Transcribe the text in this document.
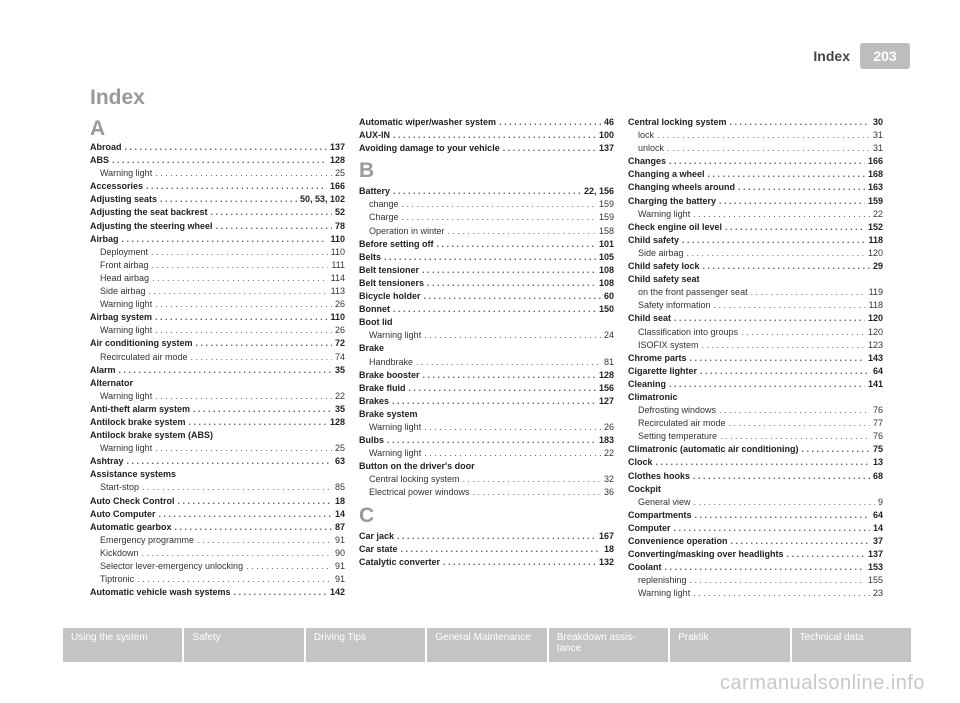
Index	203
Index
A
Abroad . . .	137
ABS . . .	128
Warning light . . .	25
Accessories . . .	166
Adjusting seats . . .	50, 53, 102
Adjusting the seat backrest . . .	52
Adjusting the steering wheel . . .	78
Airbag . . .	110
Deployment . . .	110
Front airbag . . .	111
Head airbag . . .	114
Side airbag . . .	113
Warning light . . .	26
Airbag system . . .	110
Warning light . . .	26
Air conditioning system . . .	72
Recirculated air mode . . .	74
Alarm . . .	35
Alternator
Warning light . . .	22
Anti-theft alarm system . . .	35
Antilock brake system . . .	128
Antilock brake system (ABS)
Warning light . . .	25
Ashtray . . .	63
Assistance systems
Start-stop . . .	85
Auto Check Control . . .	18
Auto Computer . . .	14
Automatic gearbox . . .	87
Emergency programme . . .	91
Kickdown . . .	90
Selector lever-emergency unlocking . . .	91
Tiptronic . . .	91
Automatic vehicle wash systems . . .	142
Automatic wiper/washer system . . .	46
AUX-IN . . .	100
Avoiding damage to your vehicle . . .	137
B
Battery . . .	22, 156
change . . .	159
Charge . . .	159
Operation in winter . . .	158
Before setting off . . .	101
Belts . . .	105
Belt tensioner . . .	108
Belt tensioners . . .	108
Bicycle holder . . .	60
Bonnet . . .	150
Boot lid
Warning light . . .	24
Brake
Handbrake . . .	81
Brake booster . . .	128
Brake fluid . . .	156
Brakes . . .	127
Brake system
Warning light . . .	26
Bulbs . . .	183
Warning light . . .	22
Button on the driver's door
Central locking system . . .	32
Electrical power windows . . .	36
C
Car jack . . .	167
Car state . . .	18
Catalytic converter . . .	132
Central locking system . . .	30
lock . . .	31
unlock . . .	31
Changes . . .	166
Changing a wheel . . .	168
Changing wheels around . . .	163
Charging the battery . . .	159
Warning light . . .	22
Check engine oil level . . .	152
Child safety . . .	118
Side airbag . . .	120
Child safety lock . . .	29
Child safety seat
on the front passenger seat . . .	119
Safety information . . .	118
Child seat . . .	120
Classification into groups . . .	120
ISOFIX system . . .	123
Chrome parts . . .	143
Cigarette lighter . . .	64
Cleaning . . .	141
Climatronic
Defrosting windows . . .	76
Recirculated air mode . . .	77
Setting temperature . . .	76
Climatronic (automatic air conditioning) . . .	75
Clock . . .	13
Clothes hooks . . .	68
Cockpit
General view . . .	9
Compartments . . .	64
Computer . . .	14
Convenience operation . . .	37
Converting/masking over headlights . . .	137
Coolant . . .	153
replenishing . . .	155
Warning light . . .	23
Using the system	Safety	Driving Tips	General Maintenance	Breakdown assis-
tance
Praktik	Technical data
carmanualsonline.info
